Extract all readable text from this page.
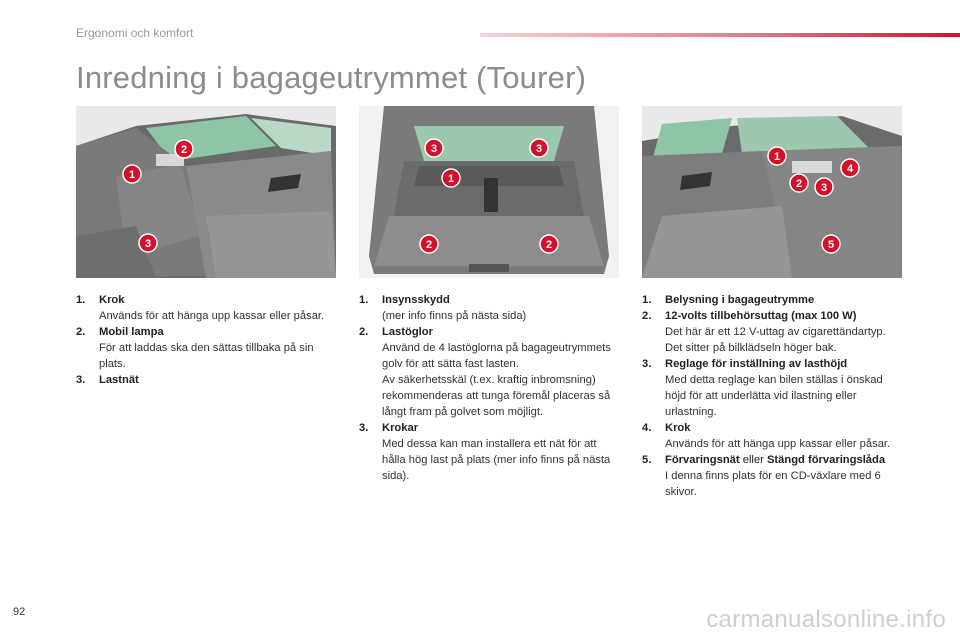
Ergonomi och komfort
Inredning i bagageutrymmet (Tourer)
2
1
3
3	3
1
2	2
1
4
2 3
5
1. Krok
Används för att hänga upp kassar eller påsar.
2. Mobil lampa
För att laddas ska den sättas tillbaka på sin plats.
3. Lastnät
1. Insynsskydd
(mer info finns på nästa sida)
2. Lastöglor
Använd de 4 lastöglorna på bagageutrymmets golv för att sätta fast lasten.
Av säkerhetsskäl (t.ex. kraftig inbromsning) rekommenderas att tunga föremål placeras så långt fram på golvet som möjligt.
3. Krokar
Med dessa kan man installera ett nät för att hålla hög last på plats (mer info finns på nästa sida).
1. Belysning i bagageutrymme
2. 12-volts tillbehörsuttag (max 100 W)
Det här är ett 12 V-uttag av cigarettändartyp. Det sitter på bilklädseln höger bak.
3. Reglage för inställning av lasthöjd
Med detta reglage kan bilen ställas i önskad höjd för att underlätta vid ilastning eller urlastning.
4. Krok
Används för att hänga upp kassar eller påsar.
5. Förvaringsnät eller Stängd förvaringslåda
I denna finns plats för en CD-växlare med 6 skivor.
92	carmanualsonline.info
